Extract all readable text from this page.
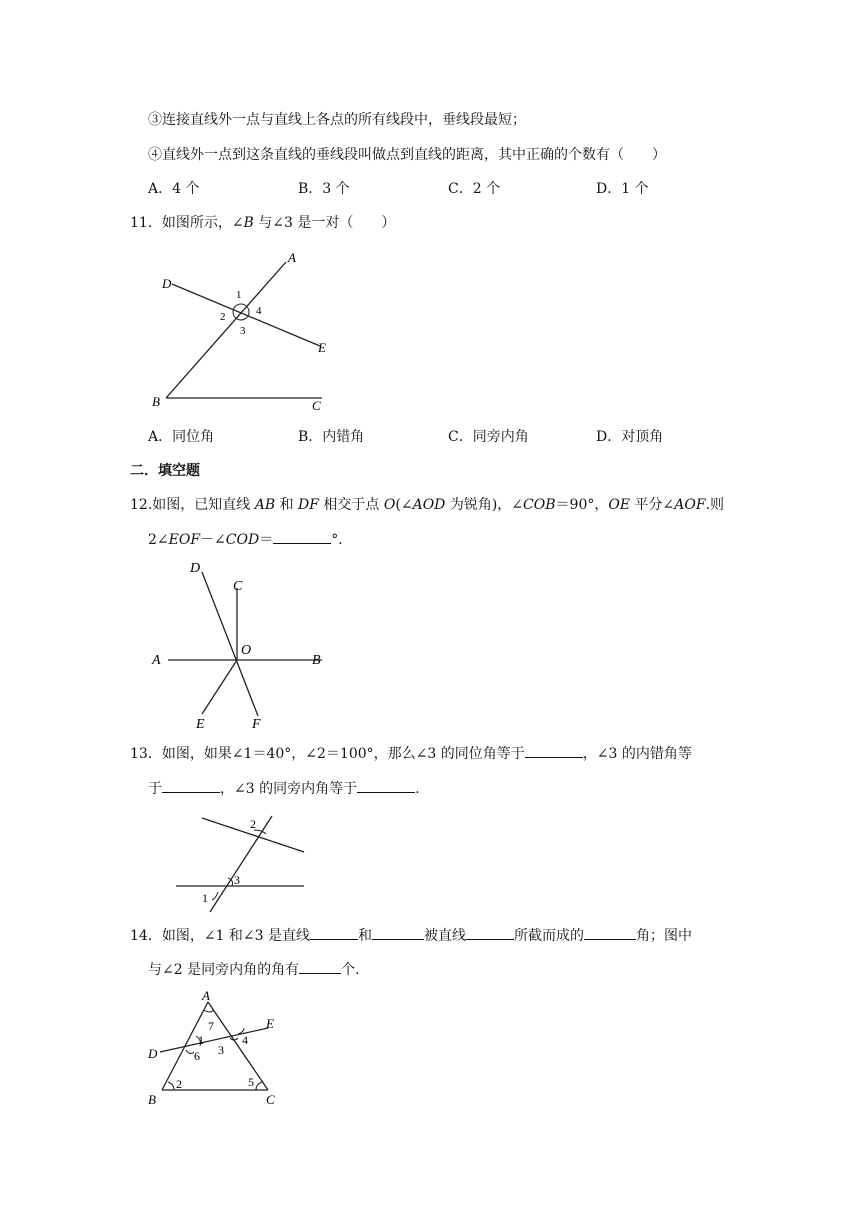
③连接直线外一点与直线上各点的所有线段中，垂线段最短；
④直线外一点到这条直线的垂线段叫做点到直线的距离，其中正确的个数有（　　）
A．4 个	B．3 个	C．2 个	D．1 个
11．如图所示，∠B 与∠3 是一对（　　）
A
B	C
D
E
1
2
3
4
A．同位角	B．内错角	C．同旁内角	D．对顶角
二．填空题
12.如图，已知直线 AB 和 DF 相交于点 O(∠AOD 为锐角)，∠COB＝90°，OE 平分∠AOF.则
2∠EOF－∠COD＝	°．
A	B
C
D
E	F
O
13．如图，如果∠1＝40°，∠2＝100°，那么∠3 的同位角等于	，∠3 的内错角等
于	，∠3 的同旁内角等于	.
2
3
1
14．如图，∠1 和∠3 是直线	和	被直线	所截而成的	角；图中
与∠2 是同旁内角的角有	个.
A
B	C
D
E
1
2
3
4
5
6
7
